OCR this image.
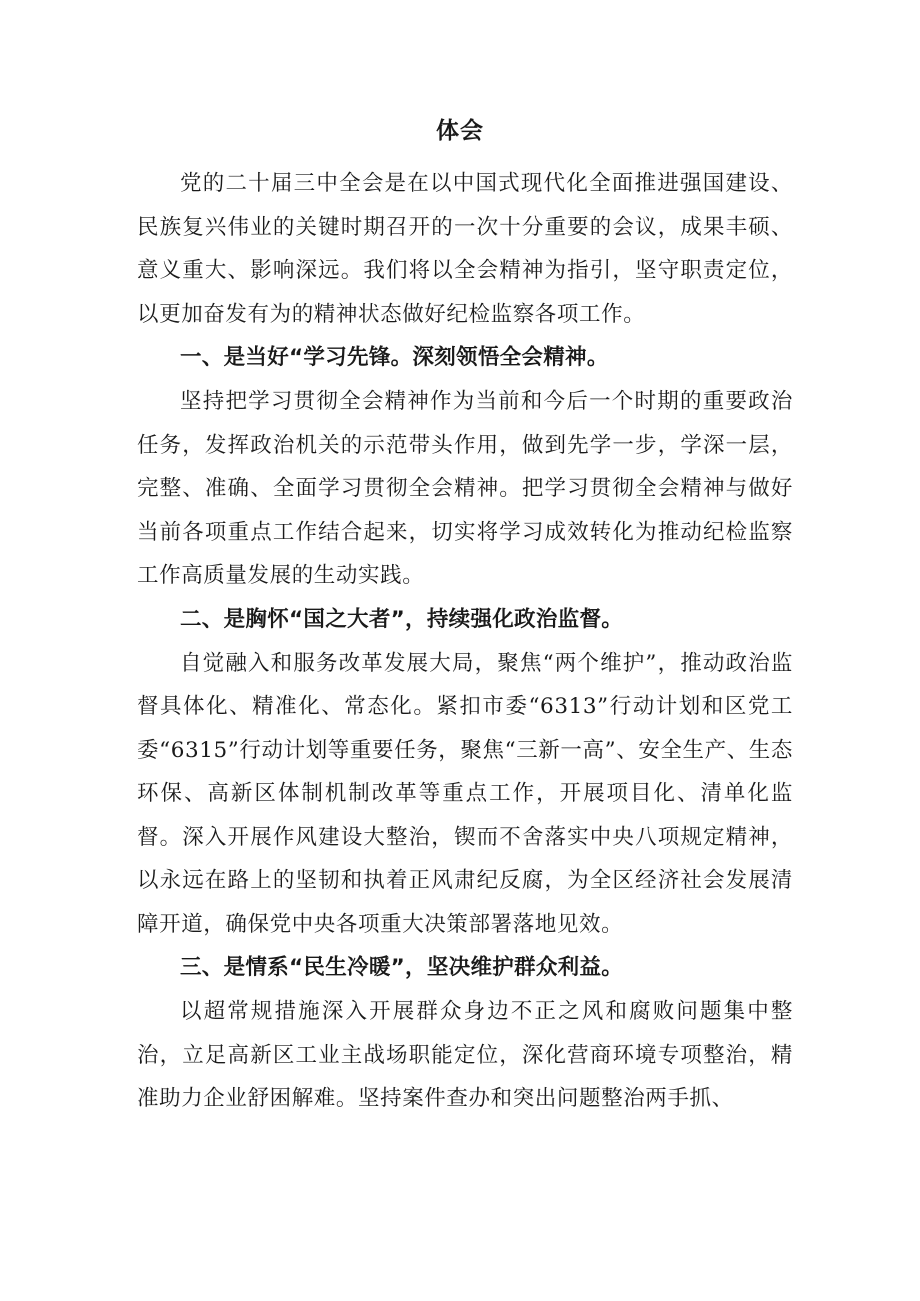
体会

党的二十届三中全会是在以中国式现代化全面推进强国建设、民族复兴伟业的关键时期召开的一次十分重要的会议，成果丰硕、意义重大、影响深远。我们将以全会精神为指引，坚守职责定位，以更加奋发有为的精神状态做好纪检监察各项工作。

一、是当好“学习先锋。深刻领悟全会精神。

坚持把学习贯彻全会精神作为当前和今后一个时期的重要政治任务，发挥政治机关的示范带头作用，做到先学一步，学深一层，完整、准确、全面学习贯彻全会精神。把学习贯彻全会精神与做好当前各项重点工作结合起来，切实将学习成效转化为推动纪检监察工作高质量发展的生动实践。

二、是胸怀“国之大者”，持续强化政治监督。

自觉融入和服务改革发展大局，聚焦“两个维护”，推动政治监督具体化、精准化、常态化。紧扣市委“6313”行动计划和区党工委“6315”行动计划等重要任务，聚焦“三新一高”、安全生产、生态环保、高新区体制机制改革等重点工作，开展项目化、清单化监督。深入开展作风建设大整治，锲而不舍落实中央八项规定精神，以永远在路上的坚韧和执着正风肃纪反腐，为全区经济社会发展清障开道，确保党中央各项重大决策部署落地见效。

三、是情系“民生冷暖”，坚决维护群众利益。

以超常规措施深入开展群众身边不正之风和腐败问题集中整治，立足高新区工业主战场职能定位，深化营商环境专项整治，精准助力企业舒困解难。坚持案件查办和突出问题整治两手抓、
